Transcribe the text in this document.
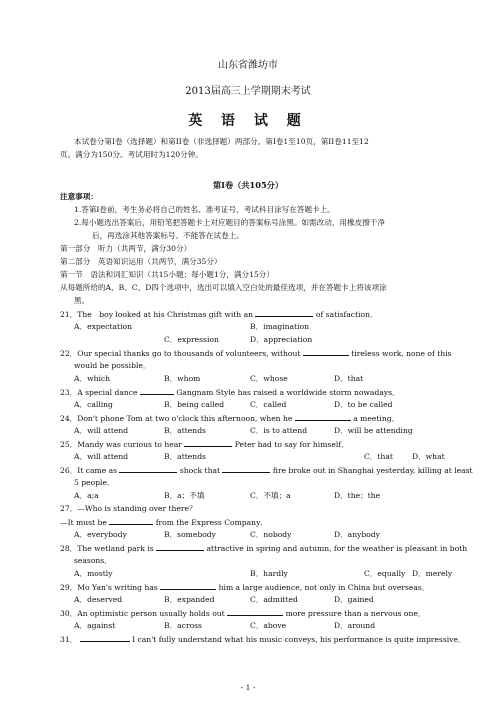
山东省潍坊市
2013届高三上学期期末考试
英 语 试 题
本试卷分第I卷（选择题）和第II卷（非选择题）两部分。第I卷1至10页，第II卷11至12
页。满分为150分。考试用时为120分钟。
第I卷（共105分）
注意事项：
1.答第I卷前，考生务必将自己的姓名、准考证号、考试科目涂写在答题卡上。
2.每小题选出答案后，用铅笔把答题卡上对应题目的答案标号涂黑。如需改动，用橡皮擦干净
后，再选涂其他答案标号。不能答在试卷上。
第一部分　听力（共两节，满分30分）
第二部分　英语知识运用（共两节，满分35分）
第一节　语法和词汇知识（共15小题；每小题1分，满分15分）
从每题所给的A、B、C、D四个选项中，选出可以填入空白处的最佳选项，并在答题卡上将该项涂
黑。
21．The　boy looked at his Christmas gift with an	of satisfaction．
A．expectation	B．imagination
C．expression	D．appreciation
22．Our special thanks go to thousands of volunteers, without	tireless work, none of this
would be possible．
A．which	B．whom	C．whose	D．that
23．A special dance	Gangnam Style has raised a worldwide storm nowadays．
A．calling	B．being called	C．called	D．to be called
24．Don't phone Tom at two o'clock this afternoon, when he	a meeting．
A．will attend	B．attends	C．is to attend	D．will be attending
25．Mandy was curious to hear	Peter had to say for himself．
A．will attend	B．attends	C．that	D．what
26．It came as	shock that	fire broke out in Shanghai yesterday, killing at least
5 people．
A．a;a	B．a；不填	C．不填；a	D．the；the
27．—Who is standing over there？
—It must be	from the Express Company．
A．everybody	B．somebody	C．nobody	D．anybody
28．The wetland park is	attractive in spring and autumn, for the weather is pleasant in both
seasons．
A．mostly	B．hardly	C．equally D．merely
29．Mo Yan's writing has	him a large audience, not only in China but overseas．
A．deserved	B．expanded	C．admitted	D．gained
30．An optimistic person usually holds out	more pressure than a nervous one．
A．against	B．across	C．above	D．around
31．	I can't fully understand what his music conveys, his performance is quite impressive．
- 1 -
